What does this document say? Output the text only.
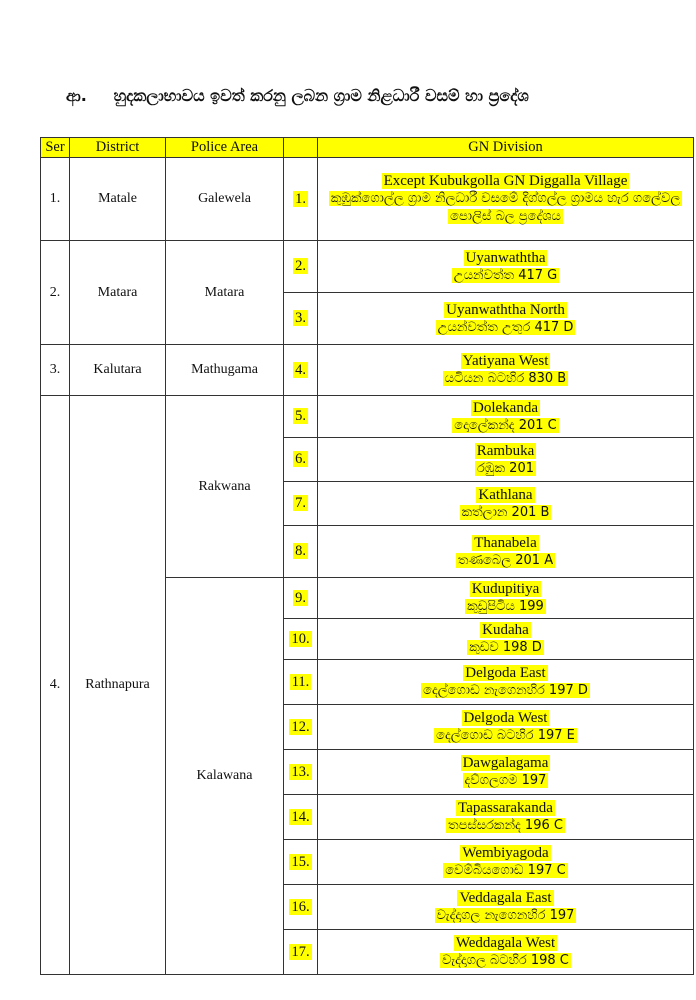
ආ. හුදකලාභාවය ඉවත් කරනු ලබන ග්‍රාම නිළධාරී වසම් හා ප්‍රදේශ
Ser	District	Police Area		GN Division
1.	Matale	Galewela	1.	Except Kubukgolla GN Diggalla Village
කුඹුක්ගොල්ල ග්‍රාම නිලධාරී වසමේ දිග්ගල්ල ග්‍රාමය හැර ගලේවල
පොලිස් බල ප්‍රදේශය

2.	Matara	Matara	2.	Uyanwaththa
උයන්වත්ත 417 G

			3.	Uyanwaththa North
උයන්වත්ත උතුර 417 D

3.	Kalutara	Mathugama	4.	Yatiyana West
යටියන බටහිර 830 B

4.	Rathnapura	Rakwana	5.	Dolekanda
දොලේකන්ද 201 C

			6.	Rambuka
රඹුක 201

			7.	Kathlana
කත්ලාන 201 B

			8.	Thanabela
තණබෙල 201 A

		Kalawana	9.	Kudupitiya
කුඩුපිටිය 199

			10.	Kudaha
කුඩව 198 D

			11.	Delgoda East
දෙල්ගොඩ නැගෙනහිර 197 D

			12.	Delgoda West
දෙල්ගොඩ බටහිර 197 E

			13.	Dawgalagama
දව්ගලගම 197

			14.	Tapassarakanda
තපස්සරකන්ද 196 C

			15.	Wembiyagoda
වෙම්බියගොඩ 197 C

			16.	Veddagala East
වැද්දාගල නැගෙනහිර 197

			17.	Weddagala West
වැද්දාගල බටහිර 198 C
